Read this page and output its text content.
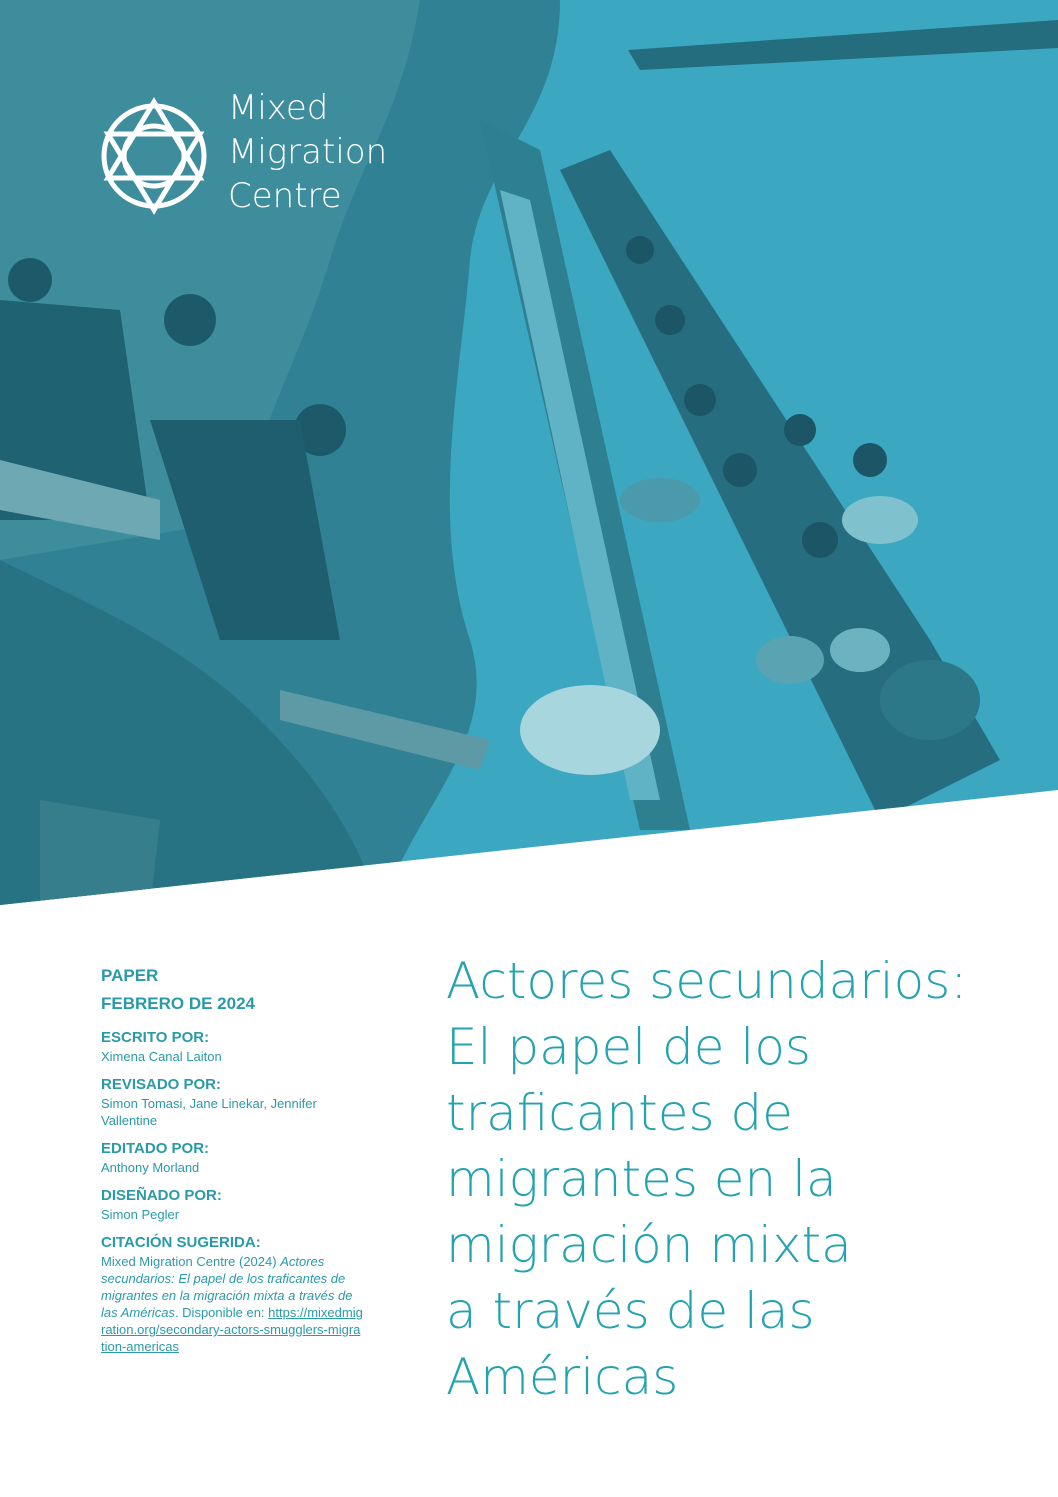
Mixed
Migration
Centre
PAPER
FEBRERO DE 2024
ESCRITO POR:
Ximena Canal Laiton
REVISADO POR:
Simon Tomasi, Jane Linekar, Jennifer Vallentine
EDITADO POR:
Anthony Morland
DISEÑADO POR:
Simon Pegler
CITACIÓN SUGERIDA:
Mixed Migration Centre (2024) Actores secundarios: El papel de los traficantes de migrantes en la migración mixta a través de las Américas. Disponible en: https://mixedmigration.org/secondary-actors-smugglers-migration-americas
Actores secundarios:
El papel de los
traficantes de
migrantes en la
migración mixta
a través de las
Américas
